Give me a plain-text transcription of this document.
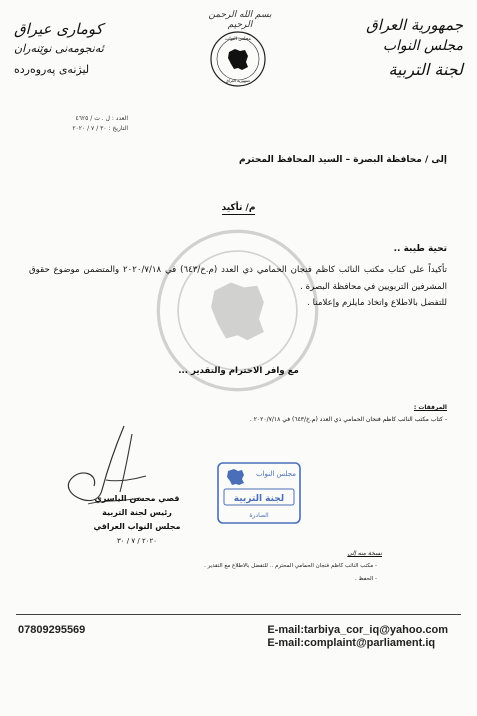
جمهورية العراق
مجلس النواب
لجنة التربية
كوماری عیراق
ئەنجومەنی نوێنەران
لیژنەی پەروەردە
بسم الله الرحمن الرحيم
مجلس النواب
جمهورية العراق
العدد : ل . ت / ٤٦٢٥
التاريخ : ٣٠ / ٧ / ٢٠٢٠
إلى / محافظة البصرة – السيد المحافظ المحترم
م/ تأكيد
تحية طيبة ..

تأكيداً على كتاب مكتب النائب كاظم فنجان الحمامي ذي العدد (م.خ/٦٤٣) في ٢٠٢٠/٧/١٨ والمتضمن موضوع حقوق المشرفين التربويين في محافظة البصرة .

للتفضل بالاطلاع واتخاذ مايلزم وإعلامنا .

مع وافر الاحترام والتقدير ...
المرفقات :
- كتاب مكتب النائب كاظم فنجان الحمامي ذي العدد (م.خ/٦٤٣) في ٢٠٢٠/٧/١٨ .
قصي محسن الياسري
رئيس لجنة التربية
مجلس النواب العراقي
٢٠٢٠ / ٧ / ٣٠
مجلس النواب
لجنة التربية
الصادرة
نسخة منه إلى
- مكتب النائب كاظم فنجان الحمامي المحترم .. للتفضل بالاطلاع مع التقدير .
- الحفظ .
07809295569	E-mail:tarbiya_cor_iq@yahoo.com
E-mail:complaint@parliament.iq
